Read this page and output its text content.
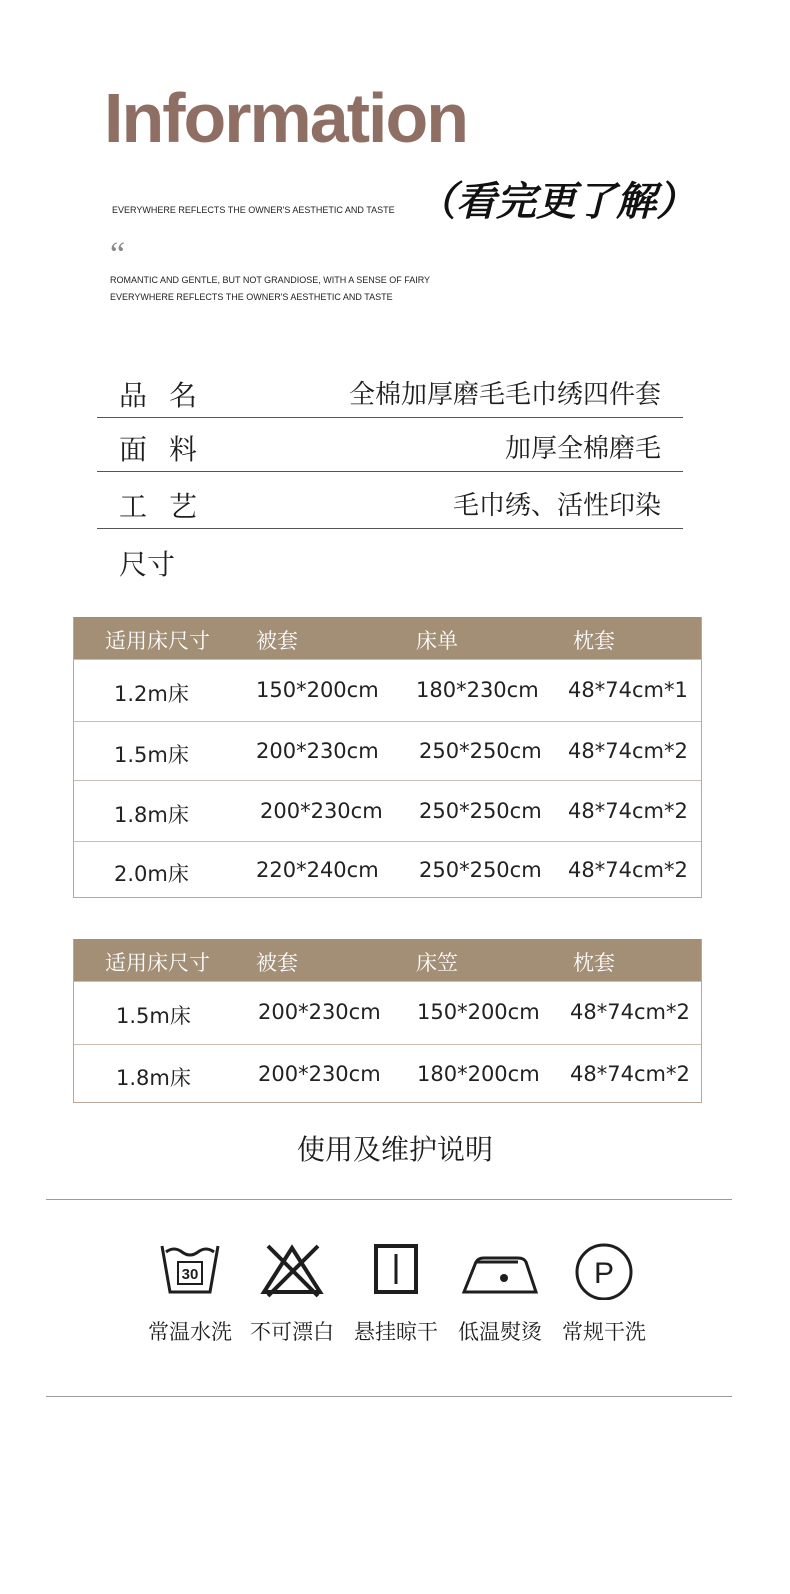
Information
（看完更了解）
EVERYWHERE REFLECTS THE OWNER'S AESTHETIC AND TASTE
“
ROMANTIC AND GENTLE, BUT NOT GRANDIOSE, WITH A SENSE OF FAIRY
EVERYWHERE REFLECTS THE OWNER'S AESTHETIC AND TASTE
品名	全棉加厚磨毛毛巾绣四件套
面料	加厚全棉磨毛
工艺	毛巾绣、活性印染
尺寸
适用床尺寸 被套	床单	枕套
1.2m床	150*200cm 180*230cm 48*74cm*1
1.5m床	200*230cm 250*250cm 48*74cm*2
1.8m床	200*230cm 250*250cm 48*74cm*2
2.0m床	220*240cm 250*250cm 48*74cm*2
适用床尺寸 被套	床笠	枕套
1.5m床	200*230cm 150*200cm 48*74cm*2
1.8m床	200*230cm 180*200cm 48*74cm*2
使用及维护说明
30
常温水洗 不可漂白 悬挂晾干 低温熨烫
P
常规干洗
